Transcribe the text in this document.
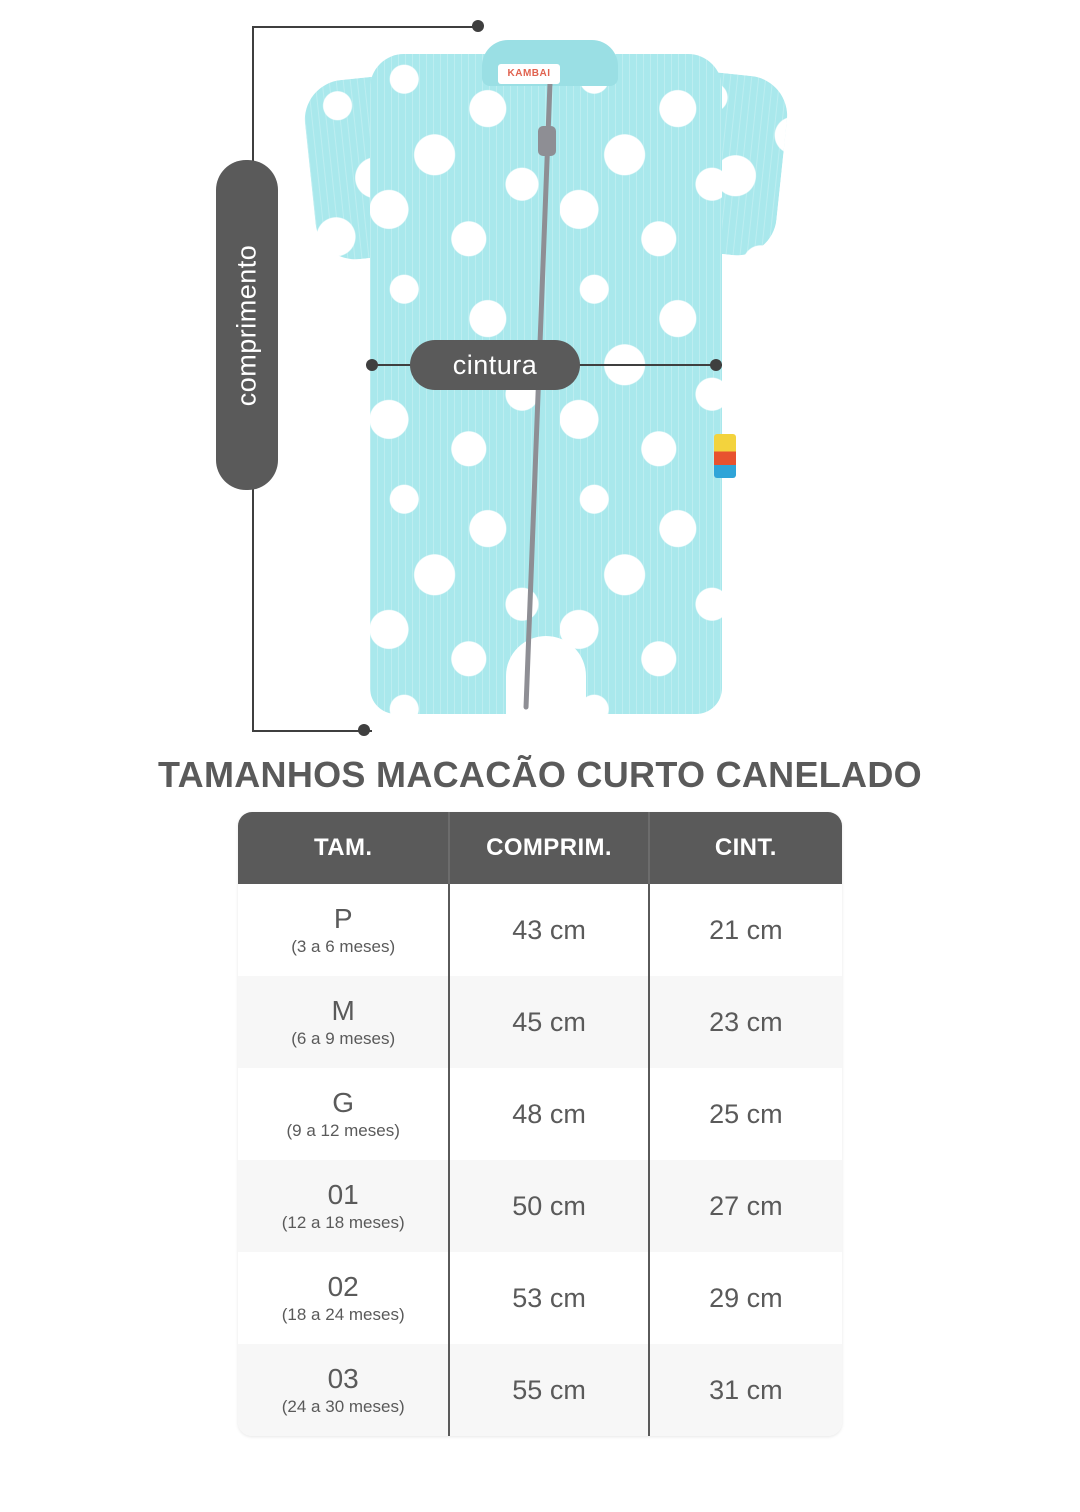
KAMBAI
comprimento	cintura
TAMANHOS MACACÃO CURTO CANELADO
TAM.	COMPRIM.	CINT.

P
(3 a 6 meses)	43 cm	21 cm

M
(6 a 9 meses)	45 cm	23 cm

G
(9 a 12 meses)	48 cm	25 cm

01
(12 a 18 meses)	50 cm	27 cm

02
(18 a 24 meses)	53 cm	29 cm

03
(24 a 30 meses)	55 cm	31 cm
